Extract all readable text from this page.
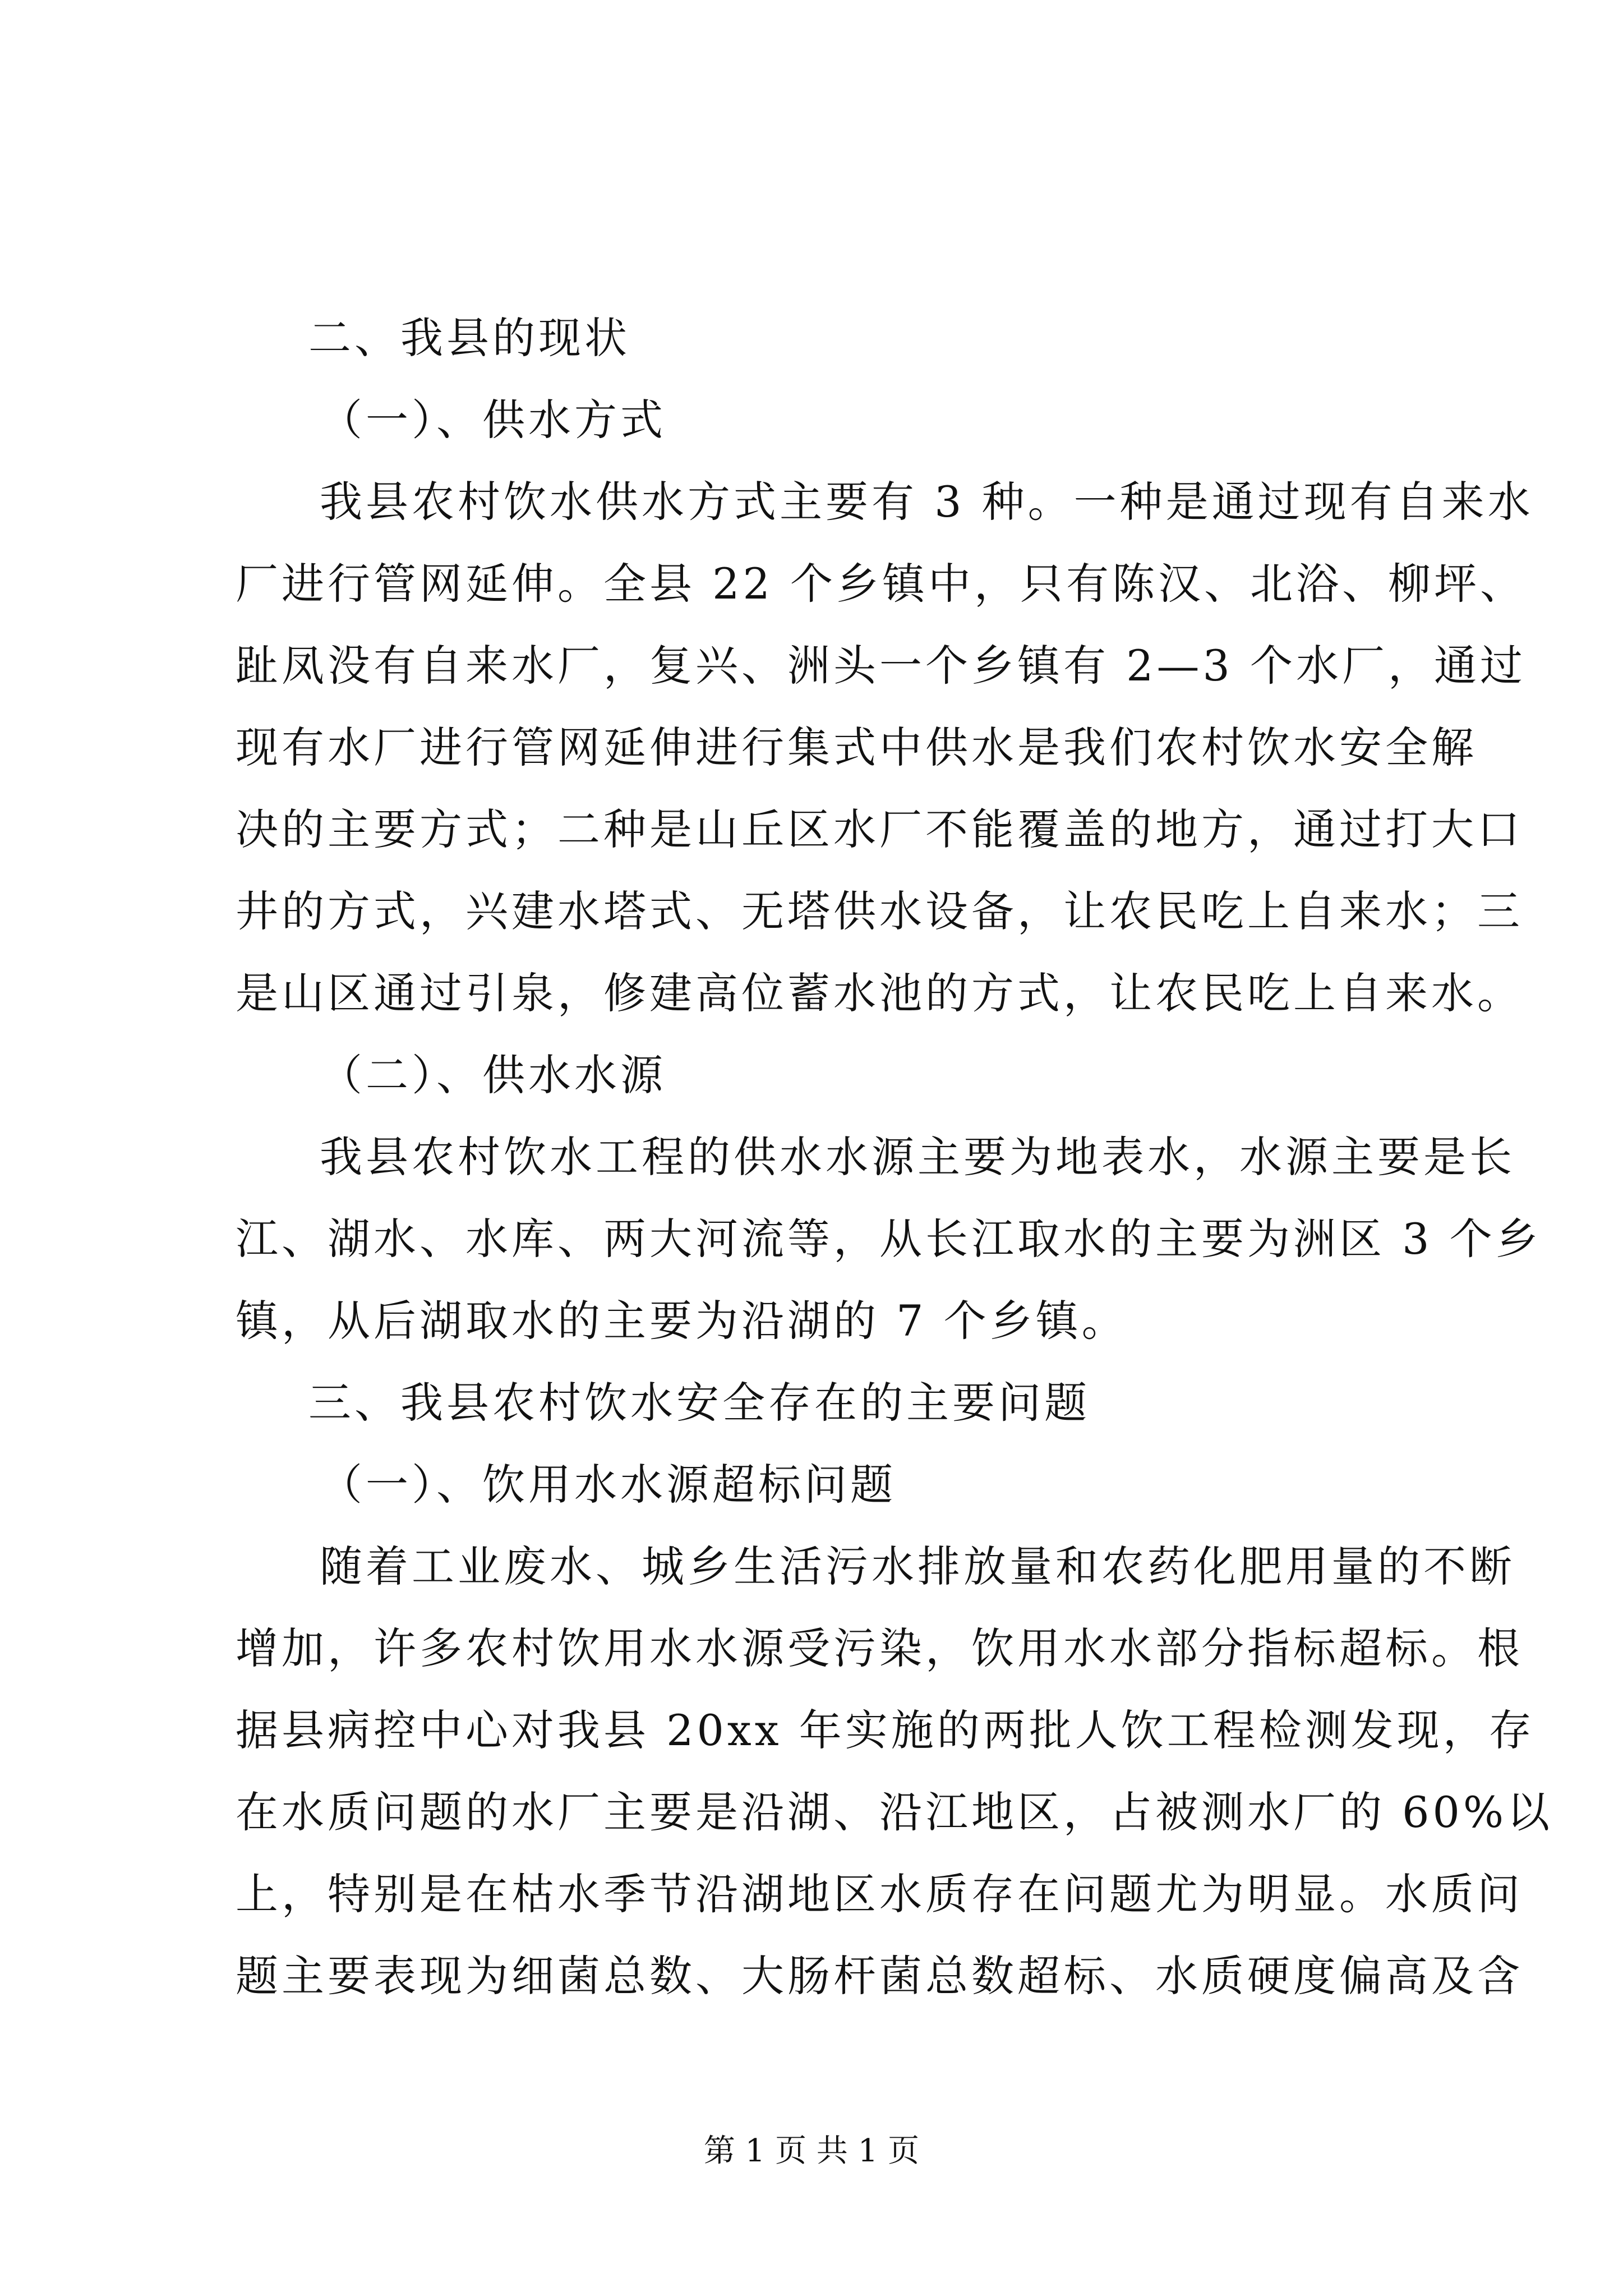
二、我县的现状
（一）、供水方式
我县农村饮水供水方式主要有 3 种。一种是通过现有自来水
厂进行管网延伸。全县 22 个乡镇中，只有陈汉、北浴、柳坪、
趾凤没有自来水厂，复兴、洲头一个乡镇有 2—3 个水厂，通过
现有水厂进行管网延伸进行集式中供水是我们农村饮水安全解
决的主要方式；二种是山丘区水厂不能覆盖的地方，通过打大口
井的方式，兴建水塔式、无塔供水设备，让农民吃上自来水；三
是山区通过引泉，修建高位蓄水池的方式，让农民吃上自来水。
（二）、供水水源
我县农村饮水工程的供水水源主要为地表水，水源主要是长
江、湖水、水库、两大河流等，从长江取水的主要为洲区 3 个乡
镇，从后湖取水的主要为沿湖的 7 个乡镇。
三、我县农村饮水安全存在的主要问题
（一）、饮用水水源超标问题
随着工业废水、城乡生活污水排放量和农药化肥用量的不断
增加，许多农村饮用水水源受污染，饮用水水部分指标超标。根
据县病控中心对我县 20xx 年实施的两批人饮工程检测发现，存
在水质问题的水厂主要是沿湖、沿江地区，占被测水厂的 60%以
上，特别是在枯水季节沿湖地区水质存在问题尤为明显。水质问
题主要表现为细菌总数、大肠杆菌总数超标、水质硬度偏高及含
第 1 页 共 1 页
